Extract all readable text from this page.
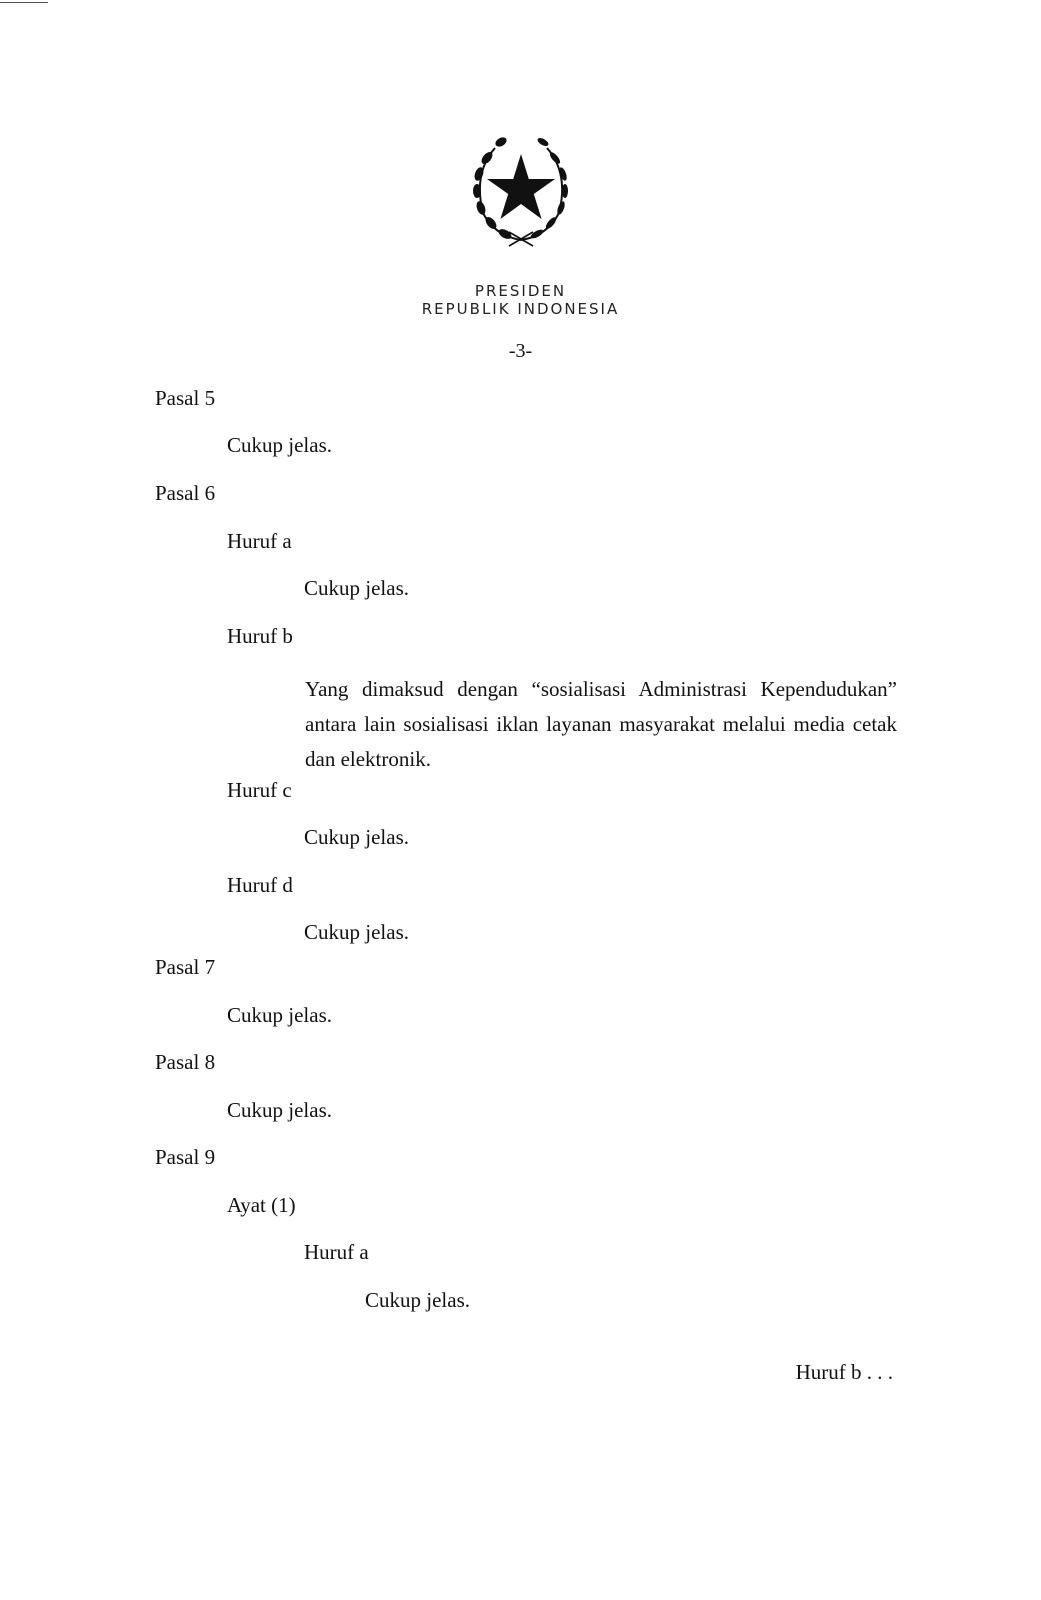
PRESIDEN
REPUBLIK INDONESIA
-3-
Pasal 5
Cukup jelas.
Pasal 6
Huruf a
Cukup jelas.
Huruf b
Yang dimaksud dengan “sosialisasi Administrasi Kependudukan” antara lain sosialisasi iklan layanan masyarakat melalui media cetak dan elektronik.
Huruf c
Cukup jelas.
Huruf d
Cukup jelas.
Pasal 7
Cukup jelas.
Pasal 8
Cukup jelas.
Pasal 9
Ayat (1)
Huruf a
Cukup jelas.
Huruf b . . .
